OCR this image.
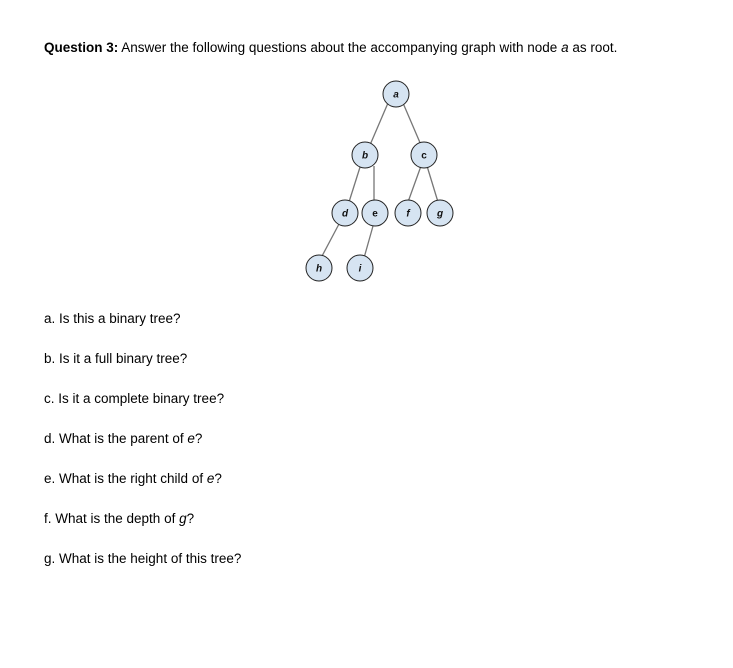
Question 3: Answer the following questions about the accompanying graph with node a as root.
a
b	c
d e	f	g
h	i
a. Is this a binary tree?
b. Is it a full binary tree?
c. Is it a complete binary tree?
d. What is the parent of e?
e. What is the right child of e?
f. What is the depth of g?
g. What is the height of this tree?
